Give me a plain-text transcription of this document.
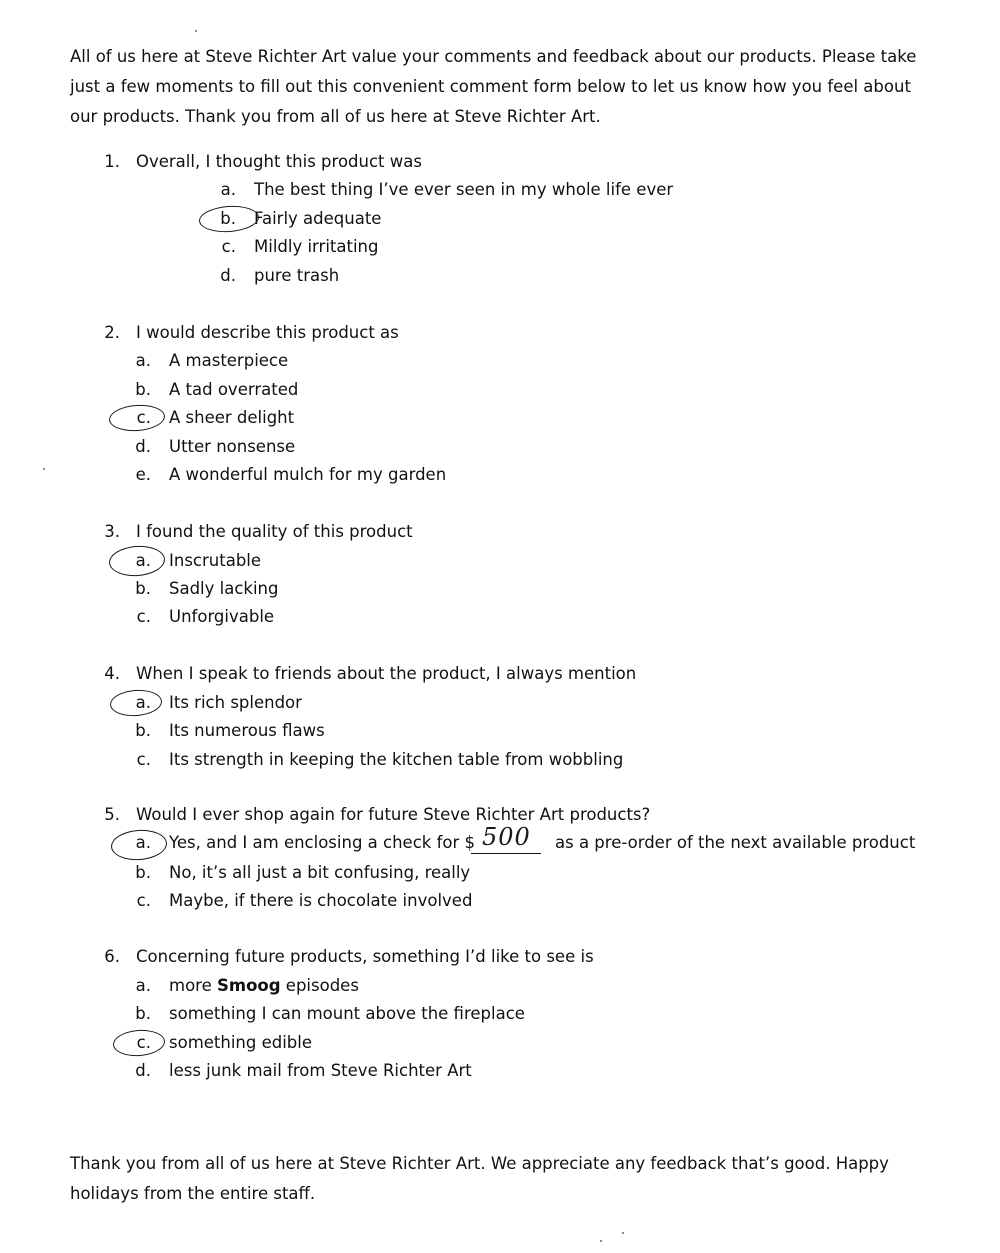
All of us here at Steve Richter Art value your comments and feedback about our products. Please take just a few moments to fill out this convenient comment form below to let us know how you feel about our products. Thank you from all of us here at Steve Richter Art.

1. Overall, I thought this product was
a. The best thing I’ve ever seen in my whole life ever
b. Fairly adequate
c. Mildly irritating
d. pure trash
2. I would describe this product as
a. A masterpiece
b. A tad overrated
c. A sheer delight
d. Utter nonsense
e. A wonderful mulch for my garden
3. I found the quality of this product
a. Inscrutable
b. Sadly lacking
c. Unforgivable
4. When I speak to friends about the product, I always mention
a. Its rich splendor
b. Its numerous flaws
c. Its strength in keeping the kitchen table from wobbling
5. Would I ever shop again for future Steve Richter Art products?
a. Yes, and I am enclosing a check for $ 500 as a pre-order of the next available product
b. No, it’s all just a bit confusing, really
c. Maybe, if there is chocolate involved
6. Concerning future products, something I’d like to see is
a. more Smoog episodes
b. something I can mount above the fireplace
c. something edible
d. less junk mail from Steve Richter Art

Thank you from all of us here at Steve Richter Art. We appreciate any feedback that’s good. Happy holidays from the entire staff.
